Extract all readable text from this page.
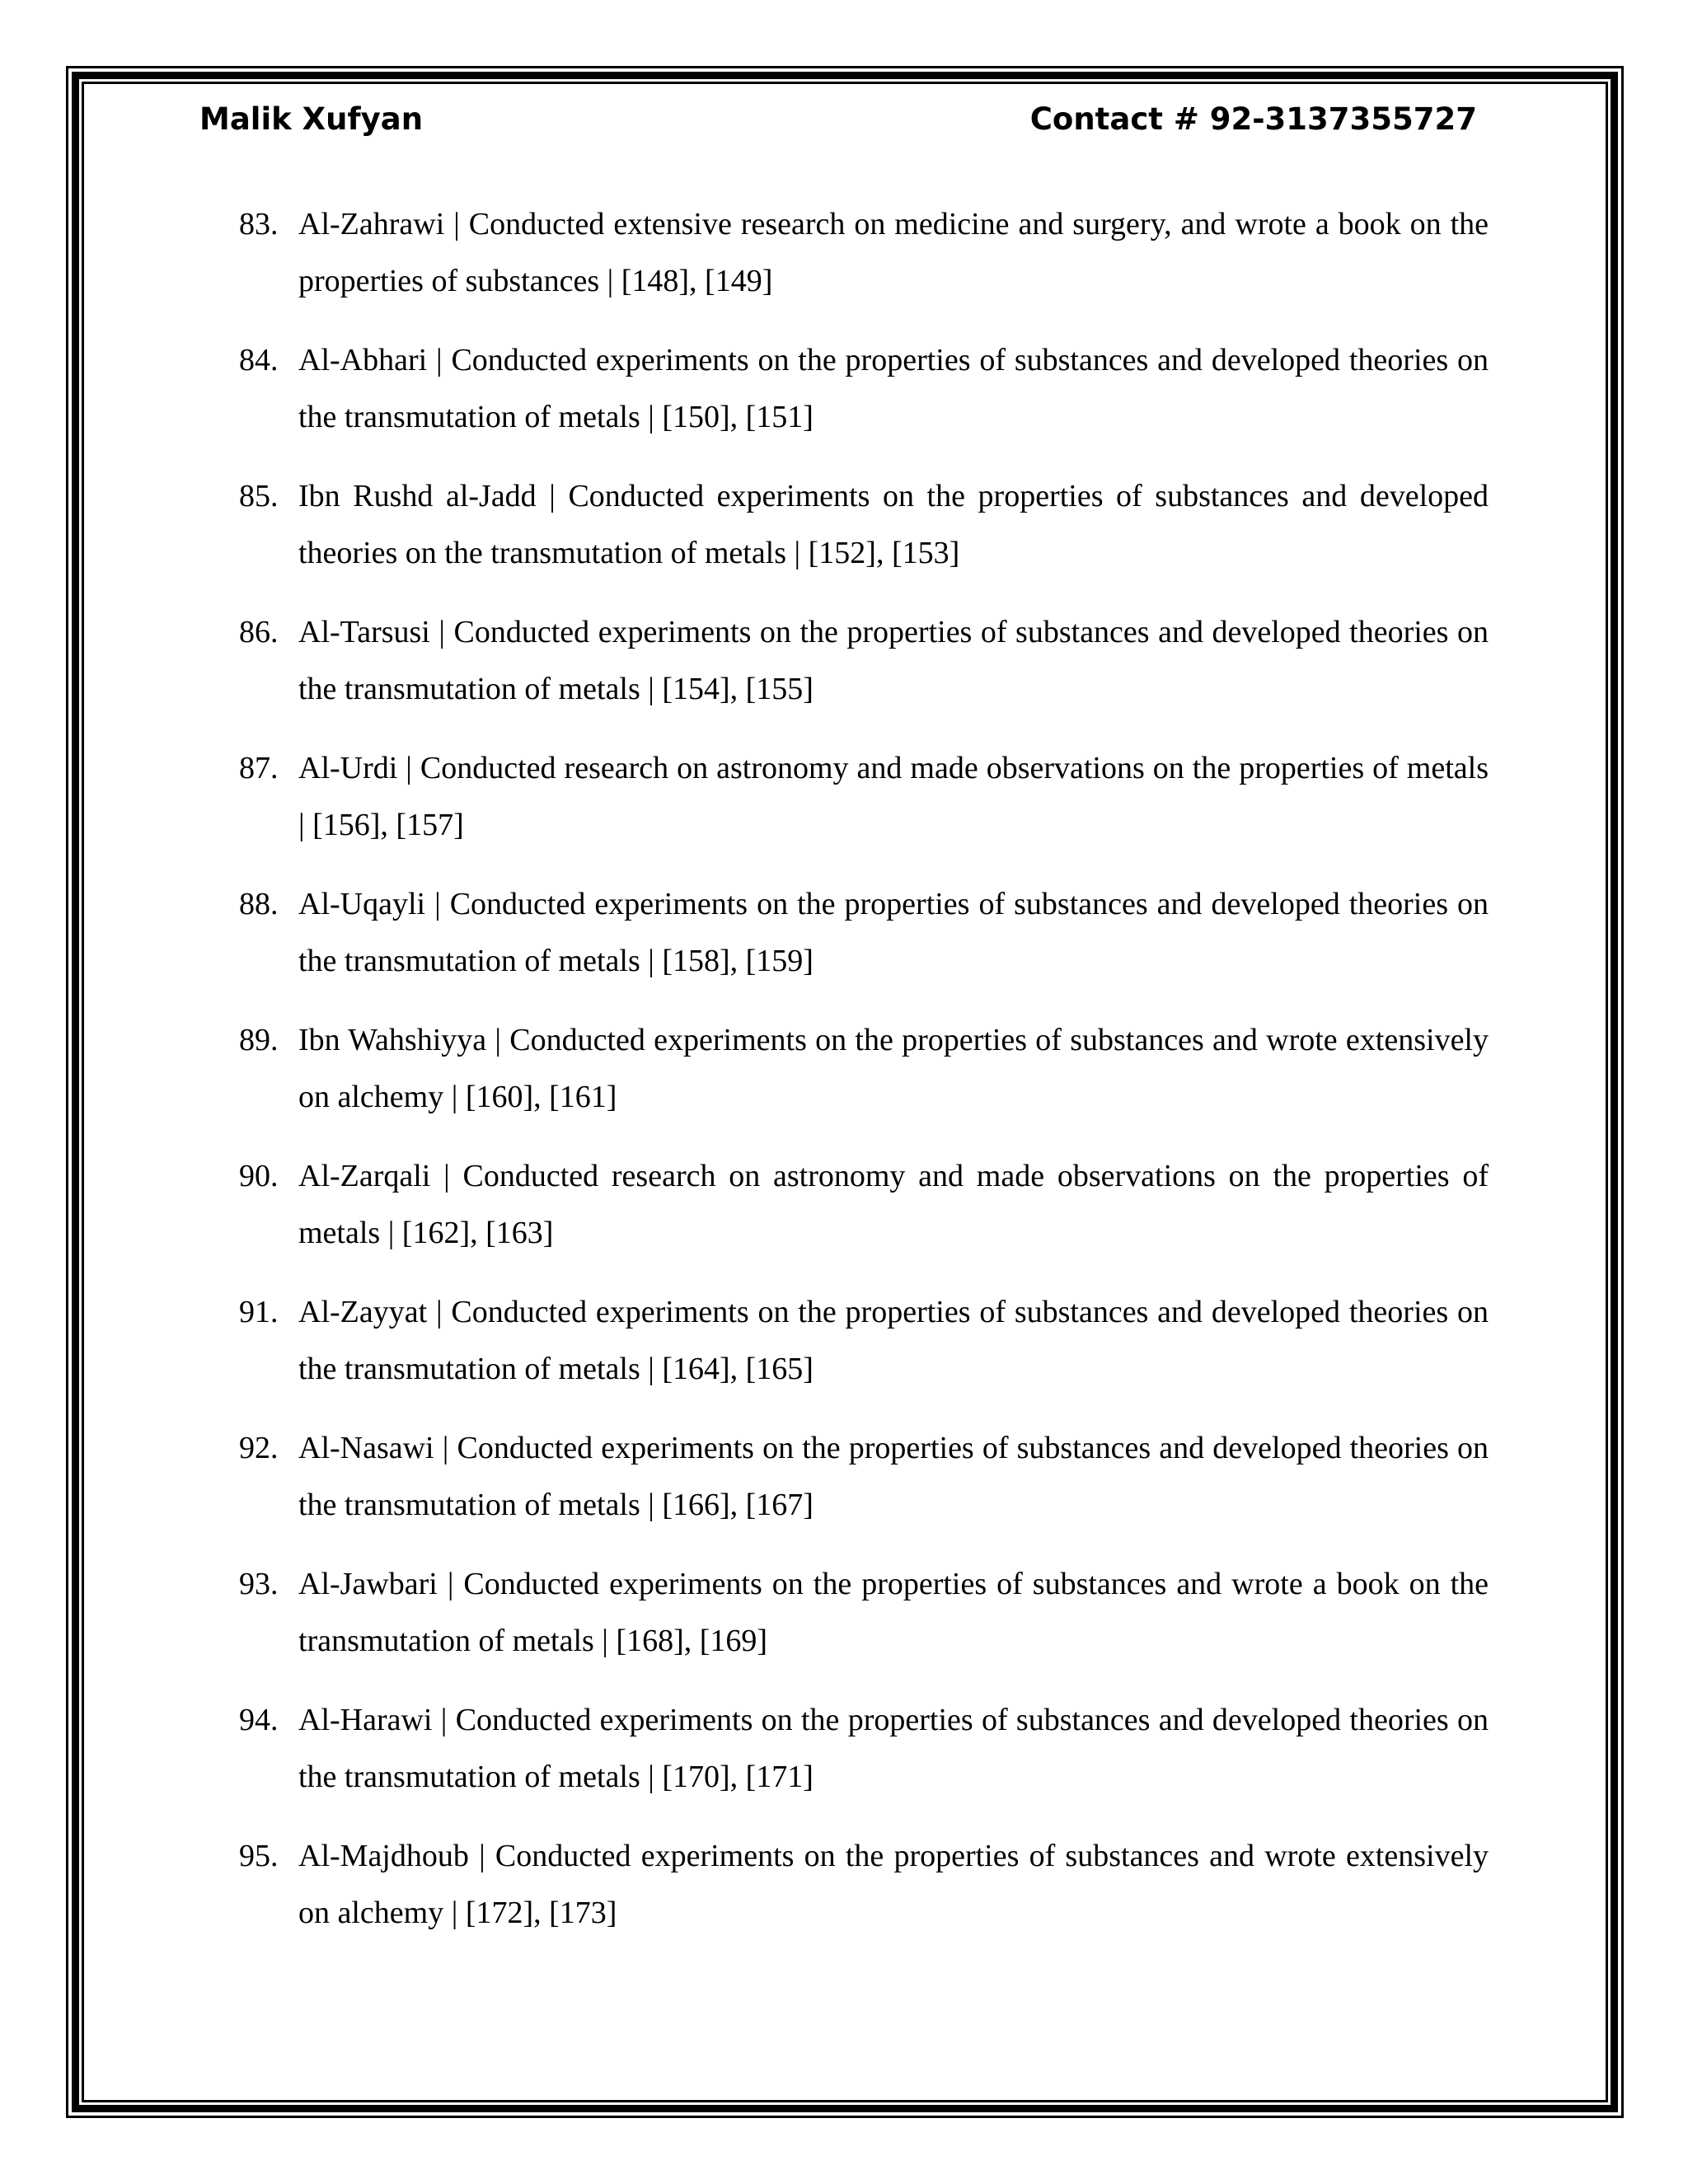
Malik Xufyan	Contact # 92-3137355727
83. Al-Zahrawi | Conducted extensive research on medicine and surgery, and wrote a book on the properties of substances | [148], [149]
84. Al-Abhari | Conducted experiments on the properties of substances and developed theories on the transmutation of metals | [150], [151]
85. Ibn Rushd al-Jadd | Conducted experiments on the properties of substances and developed theories on the transmutation of metals | [152], [153]
86. Al-Tarsusi | Conducted experiments on the properties of substances and developed theories on the transmutation of metals | [154], [155]
87. Al-Urdi | Conducted research on astronomy and made observations on the properties of metals | [156], [157]
88. Al-Uqayli | Conducted experiments on the properties of substances and developed theories on the transmutation of metals | [158], [159]
89. Ibn Wahshiyya | Conducted experiments on the properties of substances and wrote extensively on alchemy | [160], [161]
90. Al-Zarqali | Conducted research on astronomy and made observations on the properties of metals | [162], [163]
91. Al-Zayyat | Conducted experiments on the properties of substances and developed theories on the transmutation of metals | [164], [165]
92. Al-Nasawi | Conducted experiments on the properties of substances and developed theories on the transmutation of metals | [166], [167]
93. Al-Jawbari | Conducted experiments on the properties of substances and wrote a book on the transmutation of metals | [168], [169]
94. Al-Harawi | Conducted experiments on the properties of substances and developed theories on the transmutation of metals | [170], [171]
95. Al-Majdhoub | Conducted experiments on the properties of substances and wrote extensively on alchemy | [172], [173]
